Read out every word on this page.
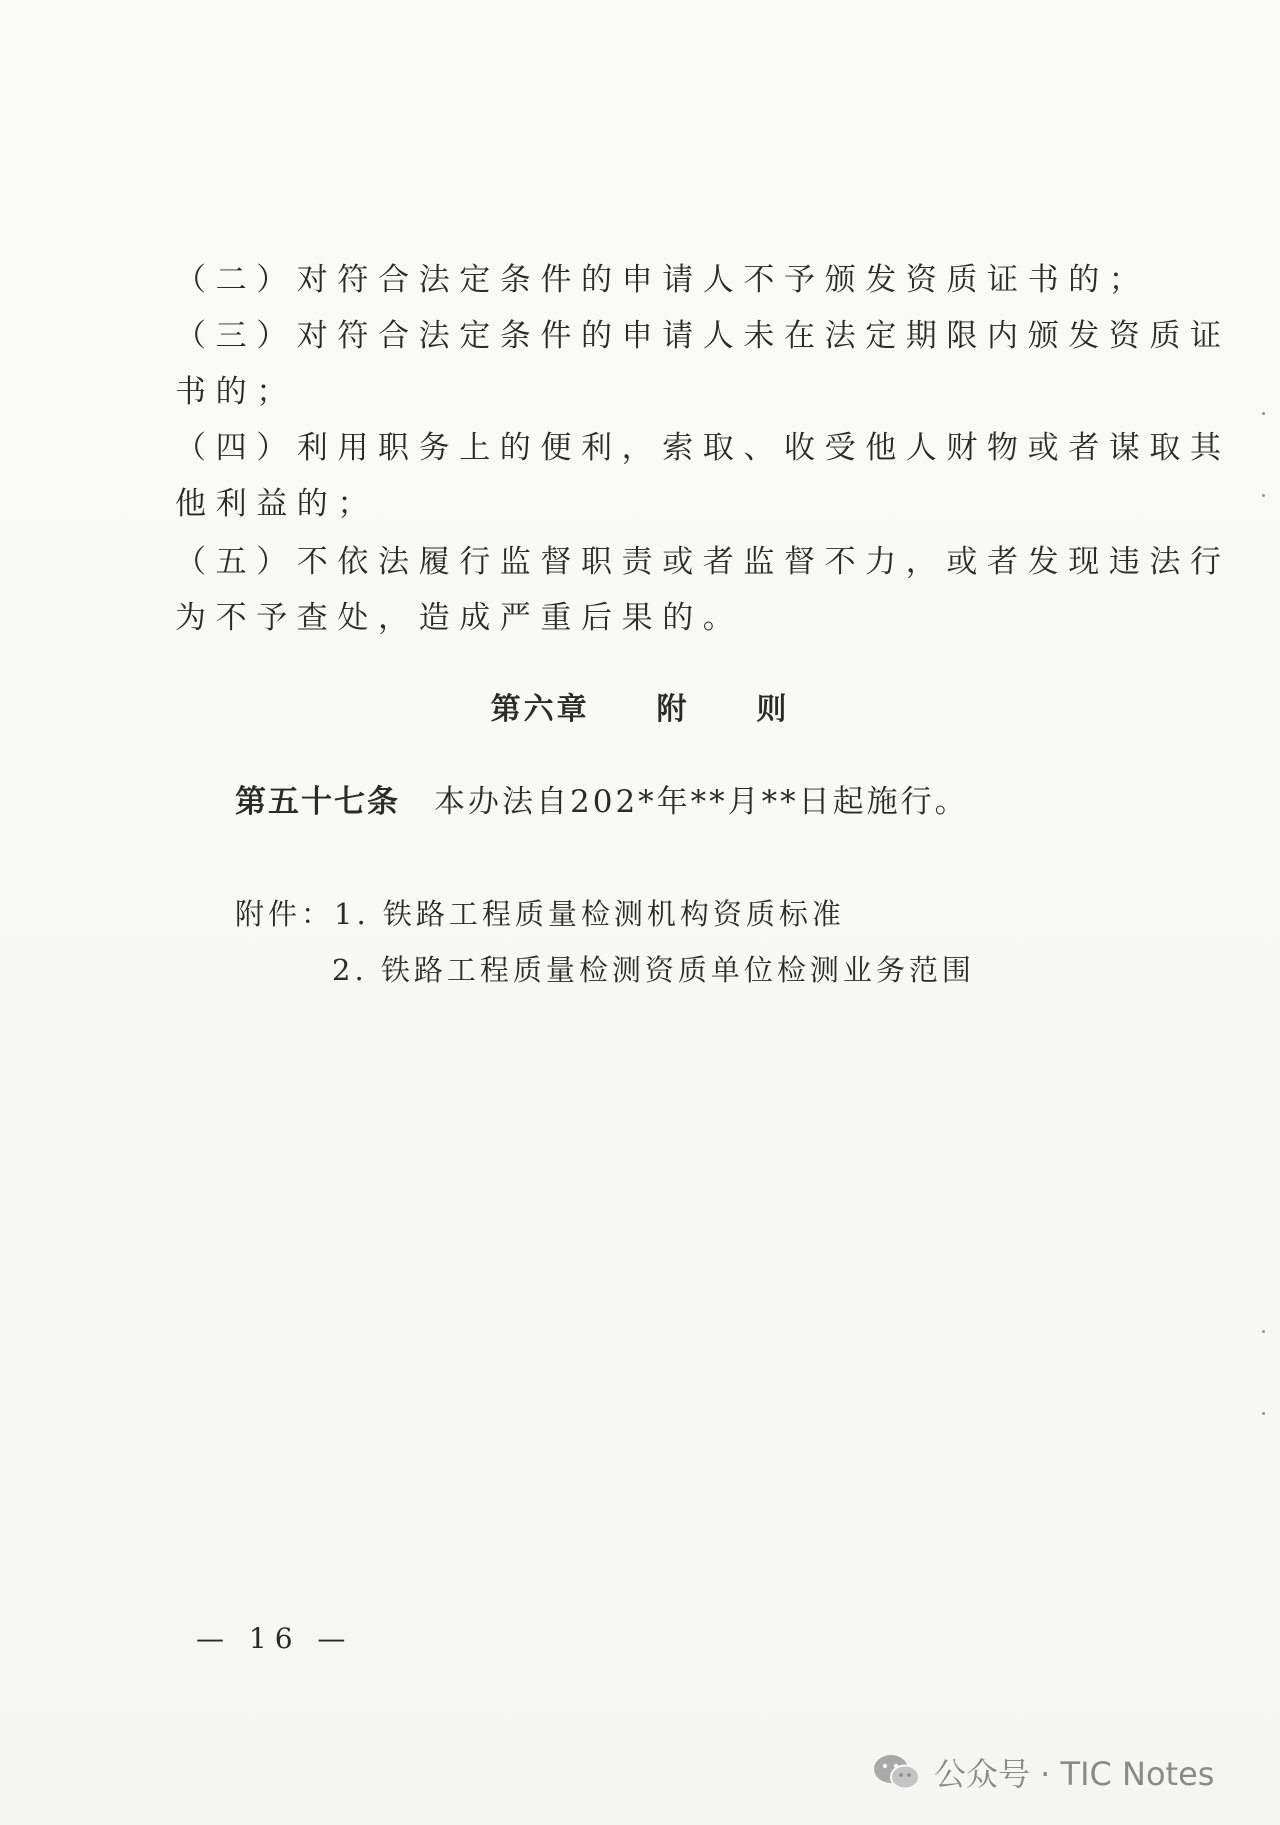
（二）对符合法定条件的申请人不予颁发资质证书的；
（三）对符合法定条件的申请人未在法定期限内颁发资质证
书的；
（四）利用职务上的便利，索取、收受他人财物或者谋取其
他利益的；
（五）不依法履行监督职责或者监督不力，或者发现违法行
为不予查处，造成严重后果的。
第六章  附  则
第五十七条 本办法自202*年**月**日起施行。
附件：1. 铁路工程质量检测机构资质标准
2. 铁路工程质量检测资质单位检测业务范围
— 16 —
公众号 · TIC Notes
